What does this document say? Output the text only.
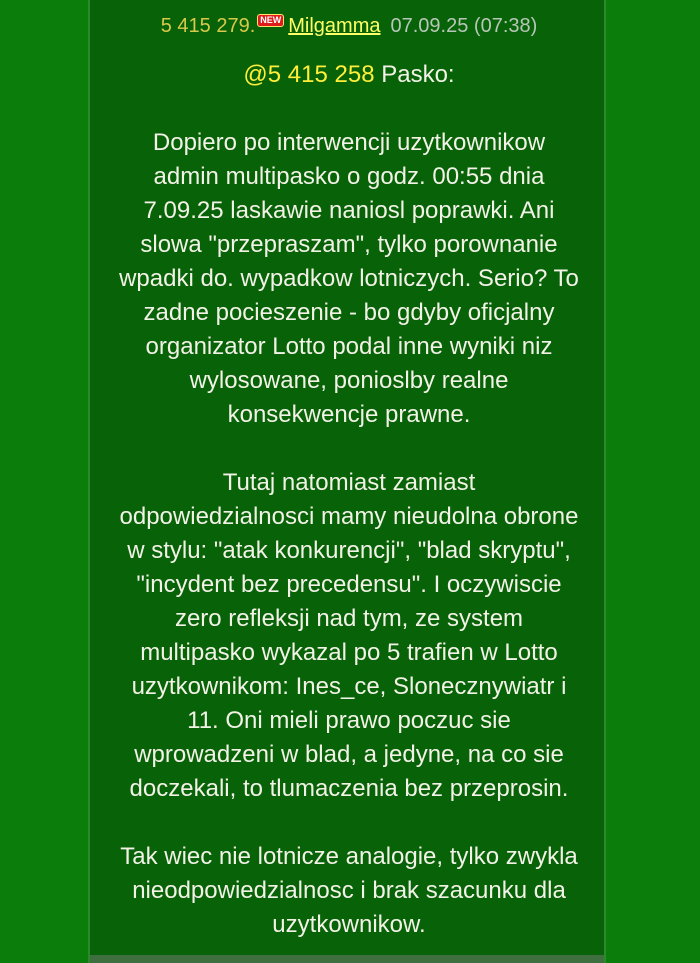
5 415 279. NEW Milgamma 07.09.25 (07:38)

@5 415 258 Pasko:

Dopiero po interwencji uzytkownikow

admin multipasko o godz. 00:55 dnia

7.09.25 laskawie naniosl poprawki. Ani

slowa "przepraszam", tylko porownanie

wpadki do. wypadkow lotniczych. Serio? To

zadne pocieszenie - bo gdyby oficjalny

organizator Lotto podal inne wyniki niz

wylosowane, ponioslby realne

konsekwencje prawne.

Tutaj natomiast zamiast

odpowiedzialnosci mamy nieudolna obrone

w stylu: "atak konkurencji", "blad skryptu",

"incydent bez precedensu". I oczywiscie

zero refleksji nad tym, ze system

multipasko wykazal po 5 trafien w Lotto

uzytkownikom: Ines_ce, Slonecznywiatr i

11. Oni mieli prawo poczuc sie

wprowadzeni w blad, a jedyne, na co sie

doczekali, to tlumaczenia bez przeprosin.

Tak wiec nie lotnicze analogie, tylko zwykla

nieodpowiedzialnosc i brak szacunku dla

uzytkownikow.
